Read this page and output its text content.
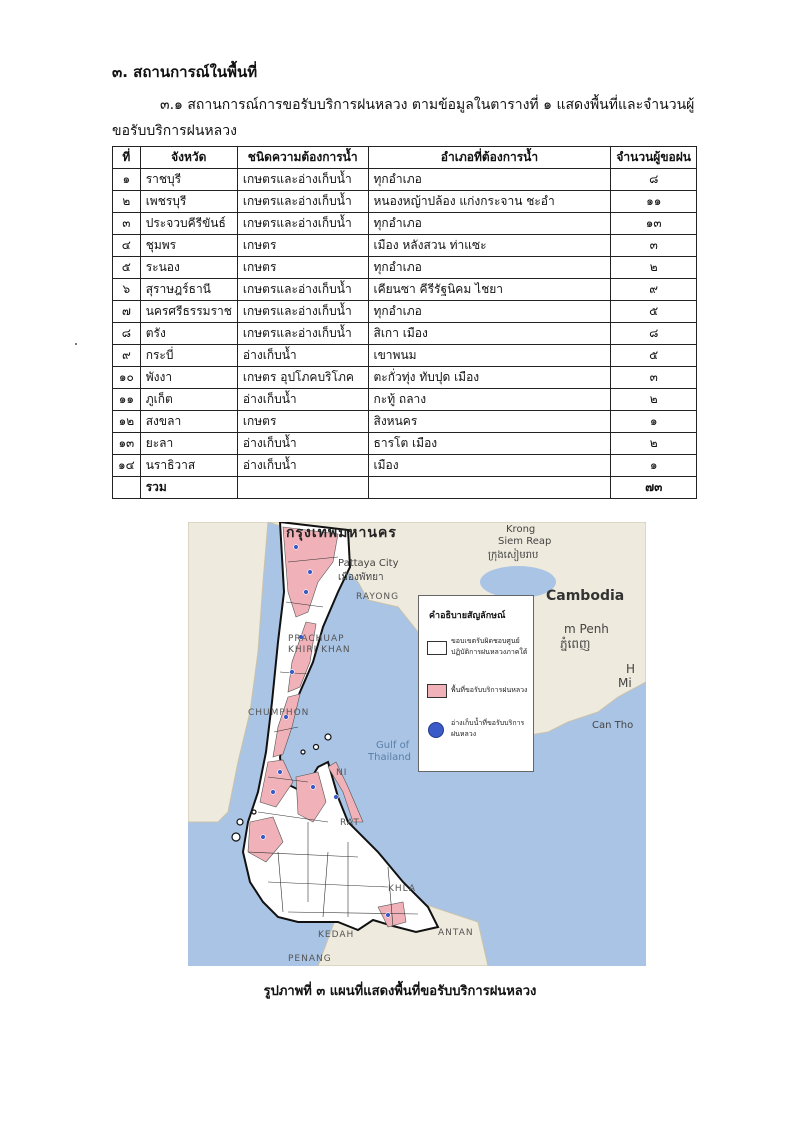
๓. สถานการณ์ในพื้นที่
๓.๑ สถานการณ์การขอรับบริการฝนหลวง ตามข้อมูลในตารางที่ ๑ แสดงพื้นที่และจำนวนผู้ขอรับบริการฝนหลวง
ที่	จังหวัด	ชนิดความต้องการน้ำ	อำเภอที่ต้องการน้ำ	จำนวนผู้ขอฝน
๑	ราชบุรี	เกษตรและอ่างเก็บน้ำ	ทุกอำเภอ	๘
๒	เพชรบุรี	เกษตรและอ่างเก็บน้ำ	หนองหญ้าปล้อง แก่งกระจาน ชะอำ	๑๑
๓	ประจวบคีรีขันธ์	เกษตรและอ่างเก็บน้ำ	ทุกอำเภอ	๑๓
๔	ชุมพร	เกษตร	เมือง หลังสวน ท่าแซะ	๓
๕	ระนอง	เกษตร	ทุกอำเภอ	๒
๖	สุราษฎร์ธานี	เกษตรและอ่างเก็บน้ำ	เคียนซา คีรีรัฐนิคม ไชยา	๙
๗	นครศรีธรรมราช	เกษตรและอ่างเก็บน้ำ	ทุกอำเภอ	๕
๘	ตรัง	เกษตรและอ่างเก็บน้ำ	สิเกา เมือง	๘
๙	กระบี่	อ่างเก็บน้ำ	เขาพนม	๕
๑๐	พังงา	เกษตร อุปโภคบริโภค	ตะกั่วทุ่ง ทับปุด เมือง	๓
๑๑	ภูเก็ต	อ่างเก็บน้ำ	กะทู้ ถลาง	๒
๑๒	สงขลา	เกษตร	สิงหนคร	๑
๑๓	ยะลา	อ่างเก็บน้ำ	ธารโต เมือง	๒
๑๔	นราธิวาส	อ่างเก็บน้ำ	เมือง	๑
	รวม			๗๓
กรุงเทพมหานคร	Krong
Siem Reap
ក្រុងសៀមរាប
Pattaya City
เมืองพัทยา
RAYONG	Cambodia
m Penh
ភ្នំពេញ
PRACHUAP
KHIRI KHAN
H
Mi
CHUMPHON
Can Tho
Gulf of
Thailand
NI
RAT
KHLA
KEDAH	ANTAN
PENANG
คำอธิบายสัญลักษณ์
ขอบเขตรับผิดชอบศูนย์ปฏิบัติการฝนหลวงภาคใต้
พื้นที่ขอรับบริการฝนหลวง
อ่างเก็บน้ำที่ขอรับบริการฝนหลวง
รูปภาพที่ ๓ แผนที่แสดงพื้นที่ขอรับบริการฝนหลวง
